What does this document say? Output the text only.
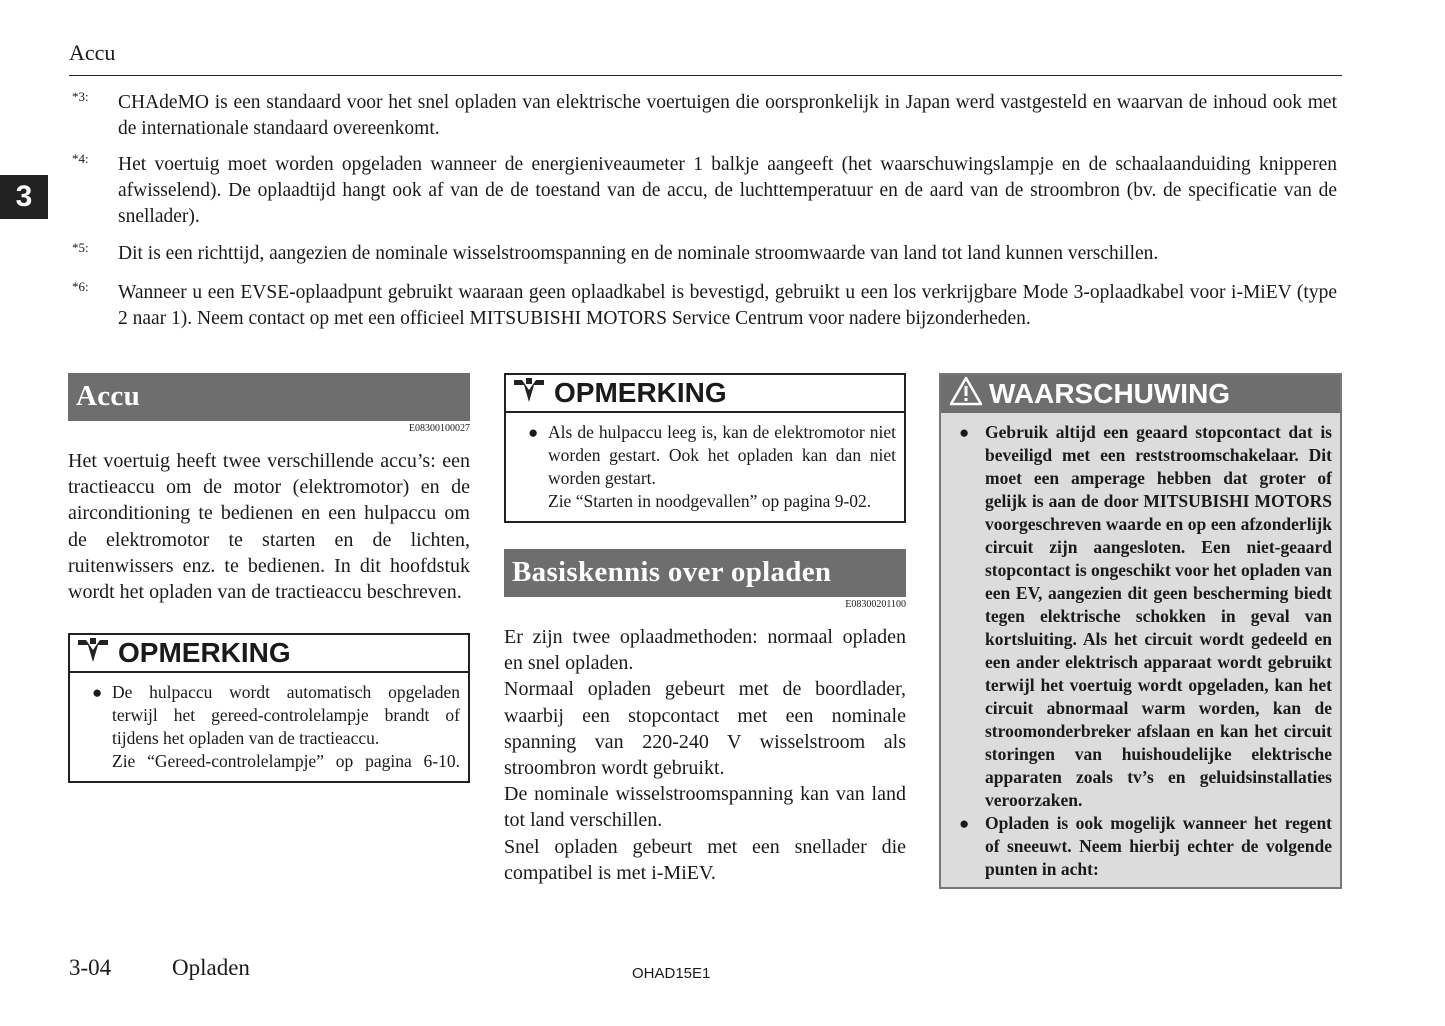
Accu
3
*3: CHAdeMO is een standaard voor het snel opladen van elektrische voertuigen die oorspronkelijk in Japan werd vastgesteld en waarvan de inhoud ook met de internationale standaard overeenkomt.
*4: Het voertuig moet worden opgeladen wanneer de energieniveaumeter 1 balkje aangeeft (het waarschuwingslampje en de schaalaanduiding knipperen afwisselend). De oplaadtijd hangt ook af van de de toestand van de accu, de luchttemperatuur en de aard van de stroombron (bv. de specificatie van de snellader).
*5: Dit is een richttijd, aangezien de nominale wisselstroomspanning en de nominale stroomwaarde van land tot land kunnen verschillen.
*6: Wanneer u een EVSE-oplaadpunt gebruikt waaraan geen oplaadkabel is bevestigd, gebruikt u een los verkrijgbare Mode 3-oplaadkabel voor i-MiEV (type 2 naar 1). Neem contact op met een officieel MITSUBISHI MOTORS Service Centrum voor nadere bijzonderheden.
Accu
E08300100027
Het voertuig heeft twee verschillende accu’s: een tractieaccu om de motor (elektromotor) en de airconditioning te bedienen en een hulpaccu om de elektromotor te starten en de lichten, ruitenwissers enz. te bedienen. In dit hoofdstuk wordt het opladen van de tractieaccu beschreven.
OPMERKING
● De hulpaccu wordt automatisch opgeladen terwijl het gereed-controlelampje brandt of tijdens het opladen van de tractieaccu.
Zie “Gereed-controlelampje” op pagina 6-10.
OPMERKING
● Als de hulpaccu leeg is, kan de elektromotor niet worden gestart. Ook het opladen kan dan niet worden gestart.
Zie “Starten in noodgevallen” op pagina 9-02.
Basiskennis over opladen
E08300201100
Er zijn twee oplaadmethoden: normaal opladen en snel opladen.
Normaal opladen gebeurt met de boordlader, waarbij een stopcontact met een nominale spanning van 220-240 V wisselstroom als stroombron wordt gebruikt.
De nominale wisselstroomspanning kan van land tot land verschillen.
Snel opladen gebeurt met een snellader die compatibel is met i-MiEV.
WAARSCHUWING
● Gebruik altijd een geaard stopcontact dat is beveiligd met een reststroomschakelaar. Dit moet een amperage hebben dat groter of gelijk is aan de door MITSUBISHI MOTORS voorgeschreven waarde en op een afzonderlijk circuit zijn aangesloten. Een niet-geaard stopcontact is ongeschikt voor het opladen van een EV, aangezien dit geen bescherming biedt tegen elektrische schokken in geval van kortsluiting. Als het circuit wordt gedeeld en een ander elektrisch apparaat wordt gebruikt terwijl het voertuig wordt opgeladen, kan het circuit abnormaal warm worden, kan de stroomonderbreker afslaan en kan het circuit storingen van huishoudelijke elektrische apparaten zoals tv’s en geluidsinstallaties veroorzaken.
● Opladen is ook mogelijk wanneer het regent of sneeuwt. Neem hierbij echter de volgende punten in acht:
3-04	Opladen	OHAD15E1
